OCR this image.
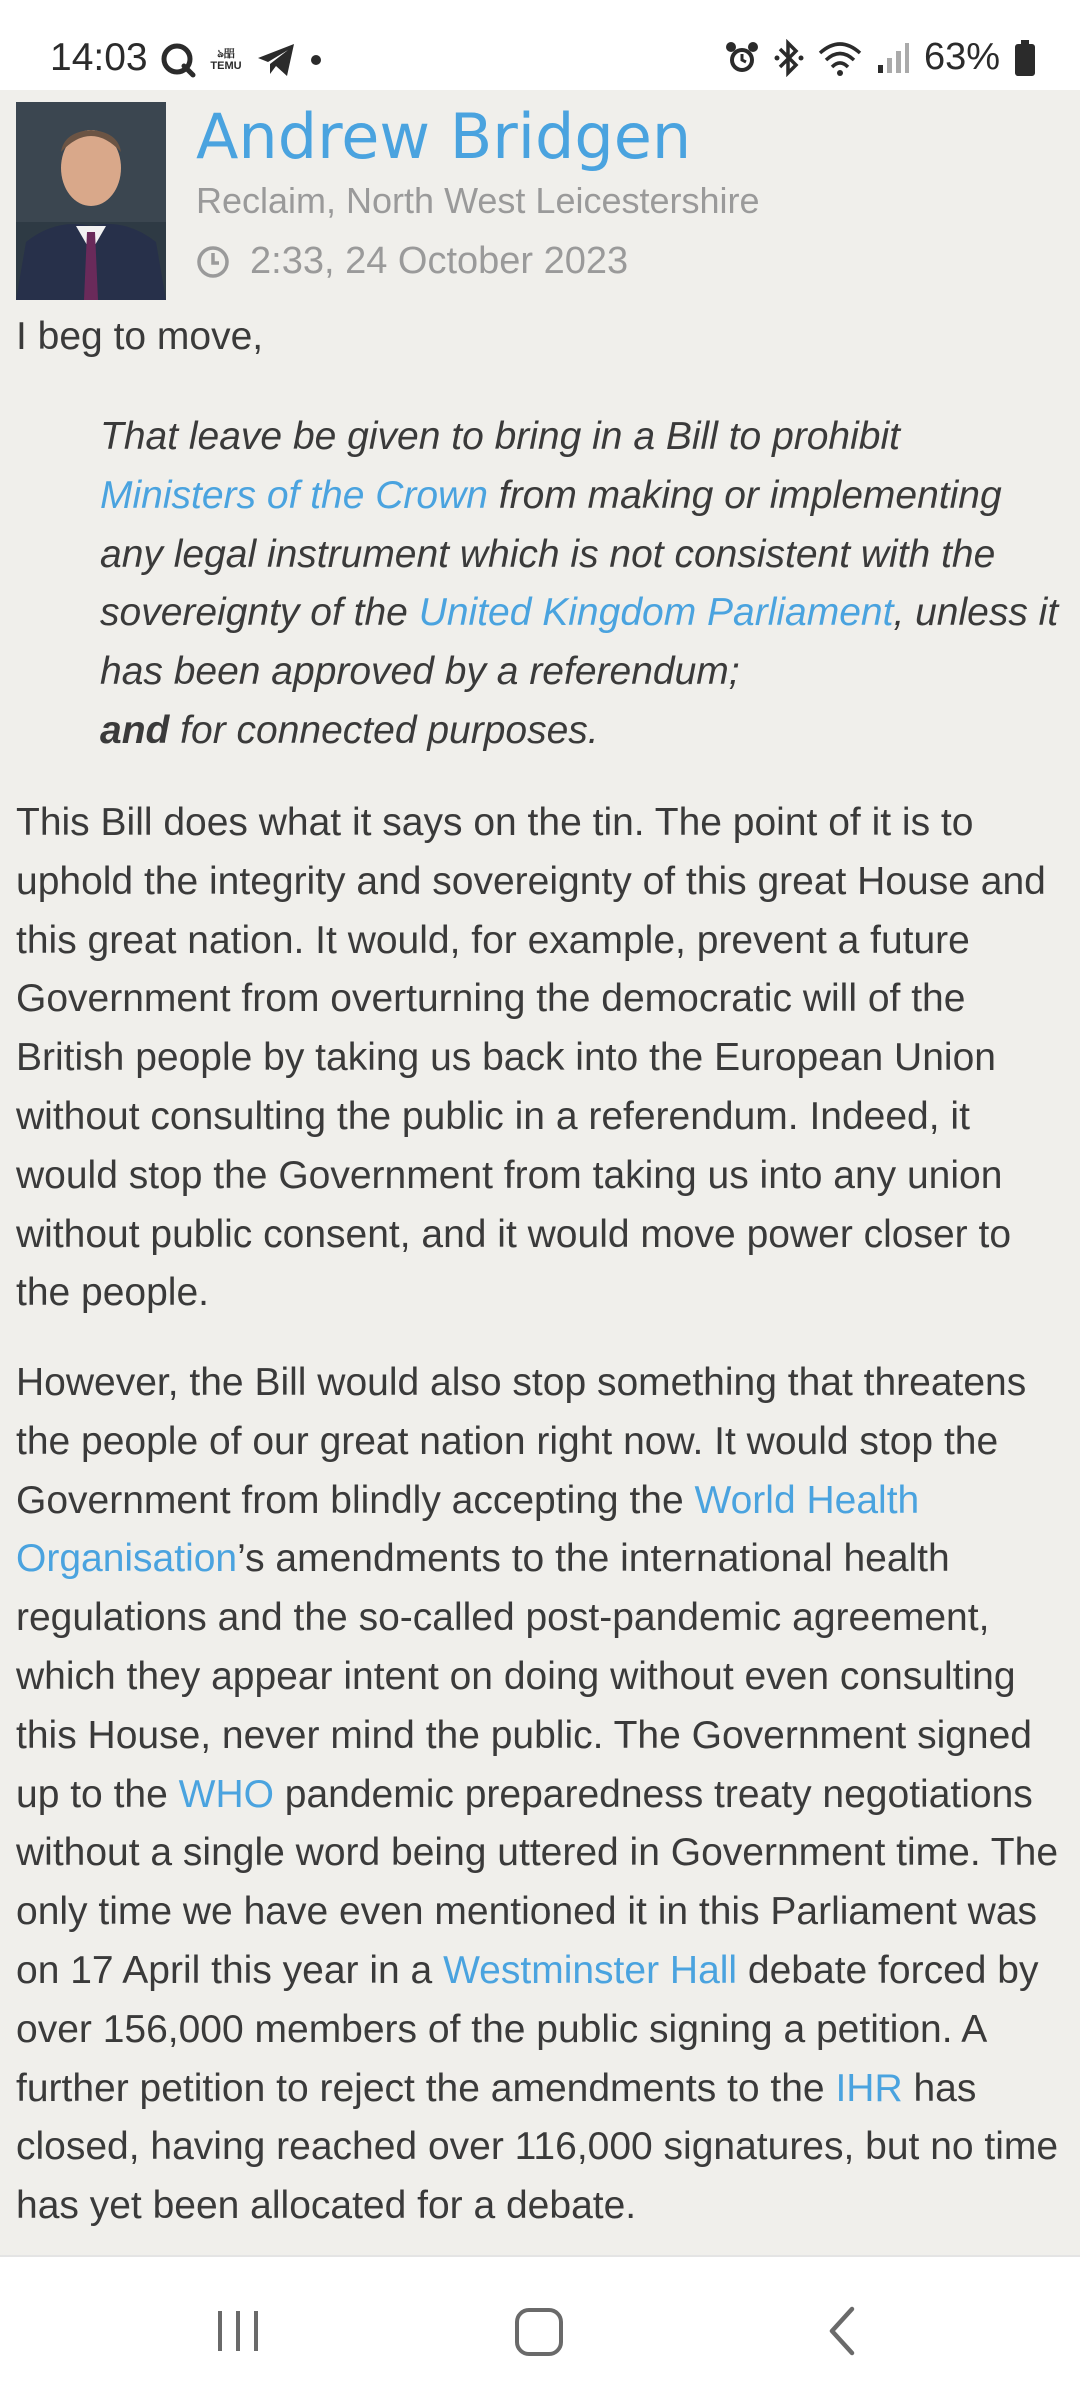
14:03	ঌ㗊 TEMU	63%
Andrew Bridgen
Reclaim, North West Leicestershire
2:33, 24 October 2023
I beg to move,
That leave be given to bring in a Bill to prohibit Ministers of the Crown from making or implementing any legal instrument which is not consistent with the sovereignty of the United Kingdom Parliament, unless it has been approved by a referendum;
and for connected purposes.
This Bill does what it says on the tin. The point of it is to uphold the integrity and sovereignty of this great House and this great nation. It would, for example, prevent a future Government from overturning the democratic will of the British people by taking us back into the European Union without consulting the public in a referendum. Indeed, it would stop the Government from taking us into any union without public consent, and it would move power closer to the people.
However, the Bill would also stop something that threatens the people of our great nation right now. It would stop the Government from blindly accepting the World Health Organisation’s amendments to the international health regulations and the so-called post-pandemic agreement, which they appear intent on doing without even consulting this House, never mind the public. The Government signed up to the WHO pandemic preparedness treaty negotiations without a single word being uttered in Government time. The only time we have even mentioned it in this Parliament was on 17 April this year in a Westminster Hall debate forced by over 156,000 members of the public signing a petition. A further petition to reject the amendments to the IHR has closed, having reached over 116,000 signatures, but no time has yet been allocated for a debate.
